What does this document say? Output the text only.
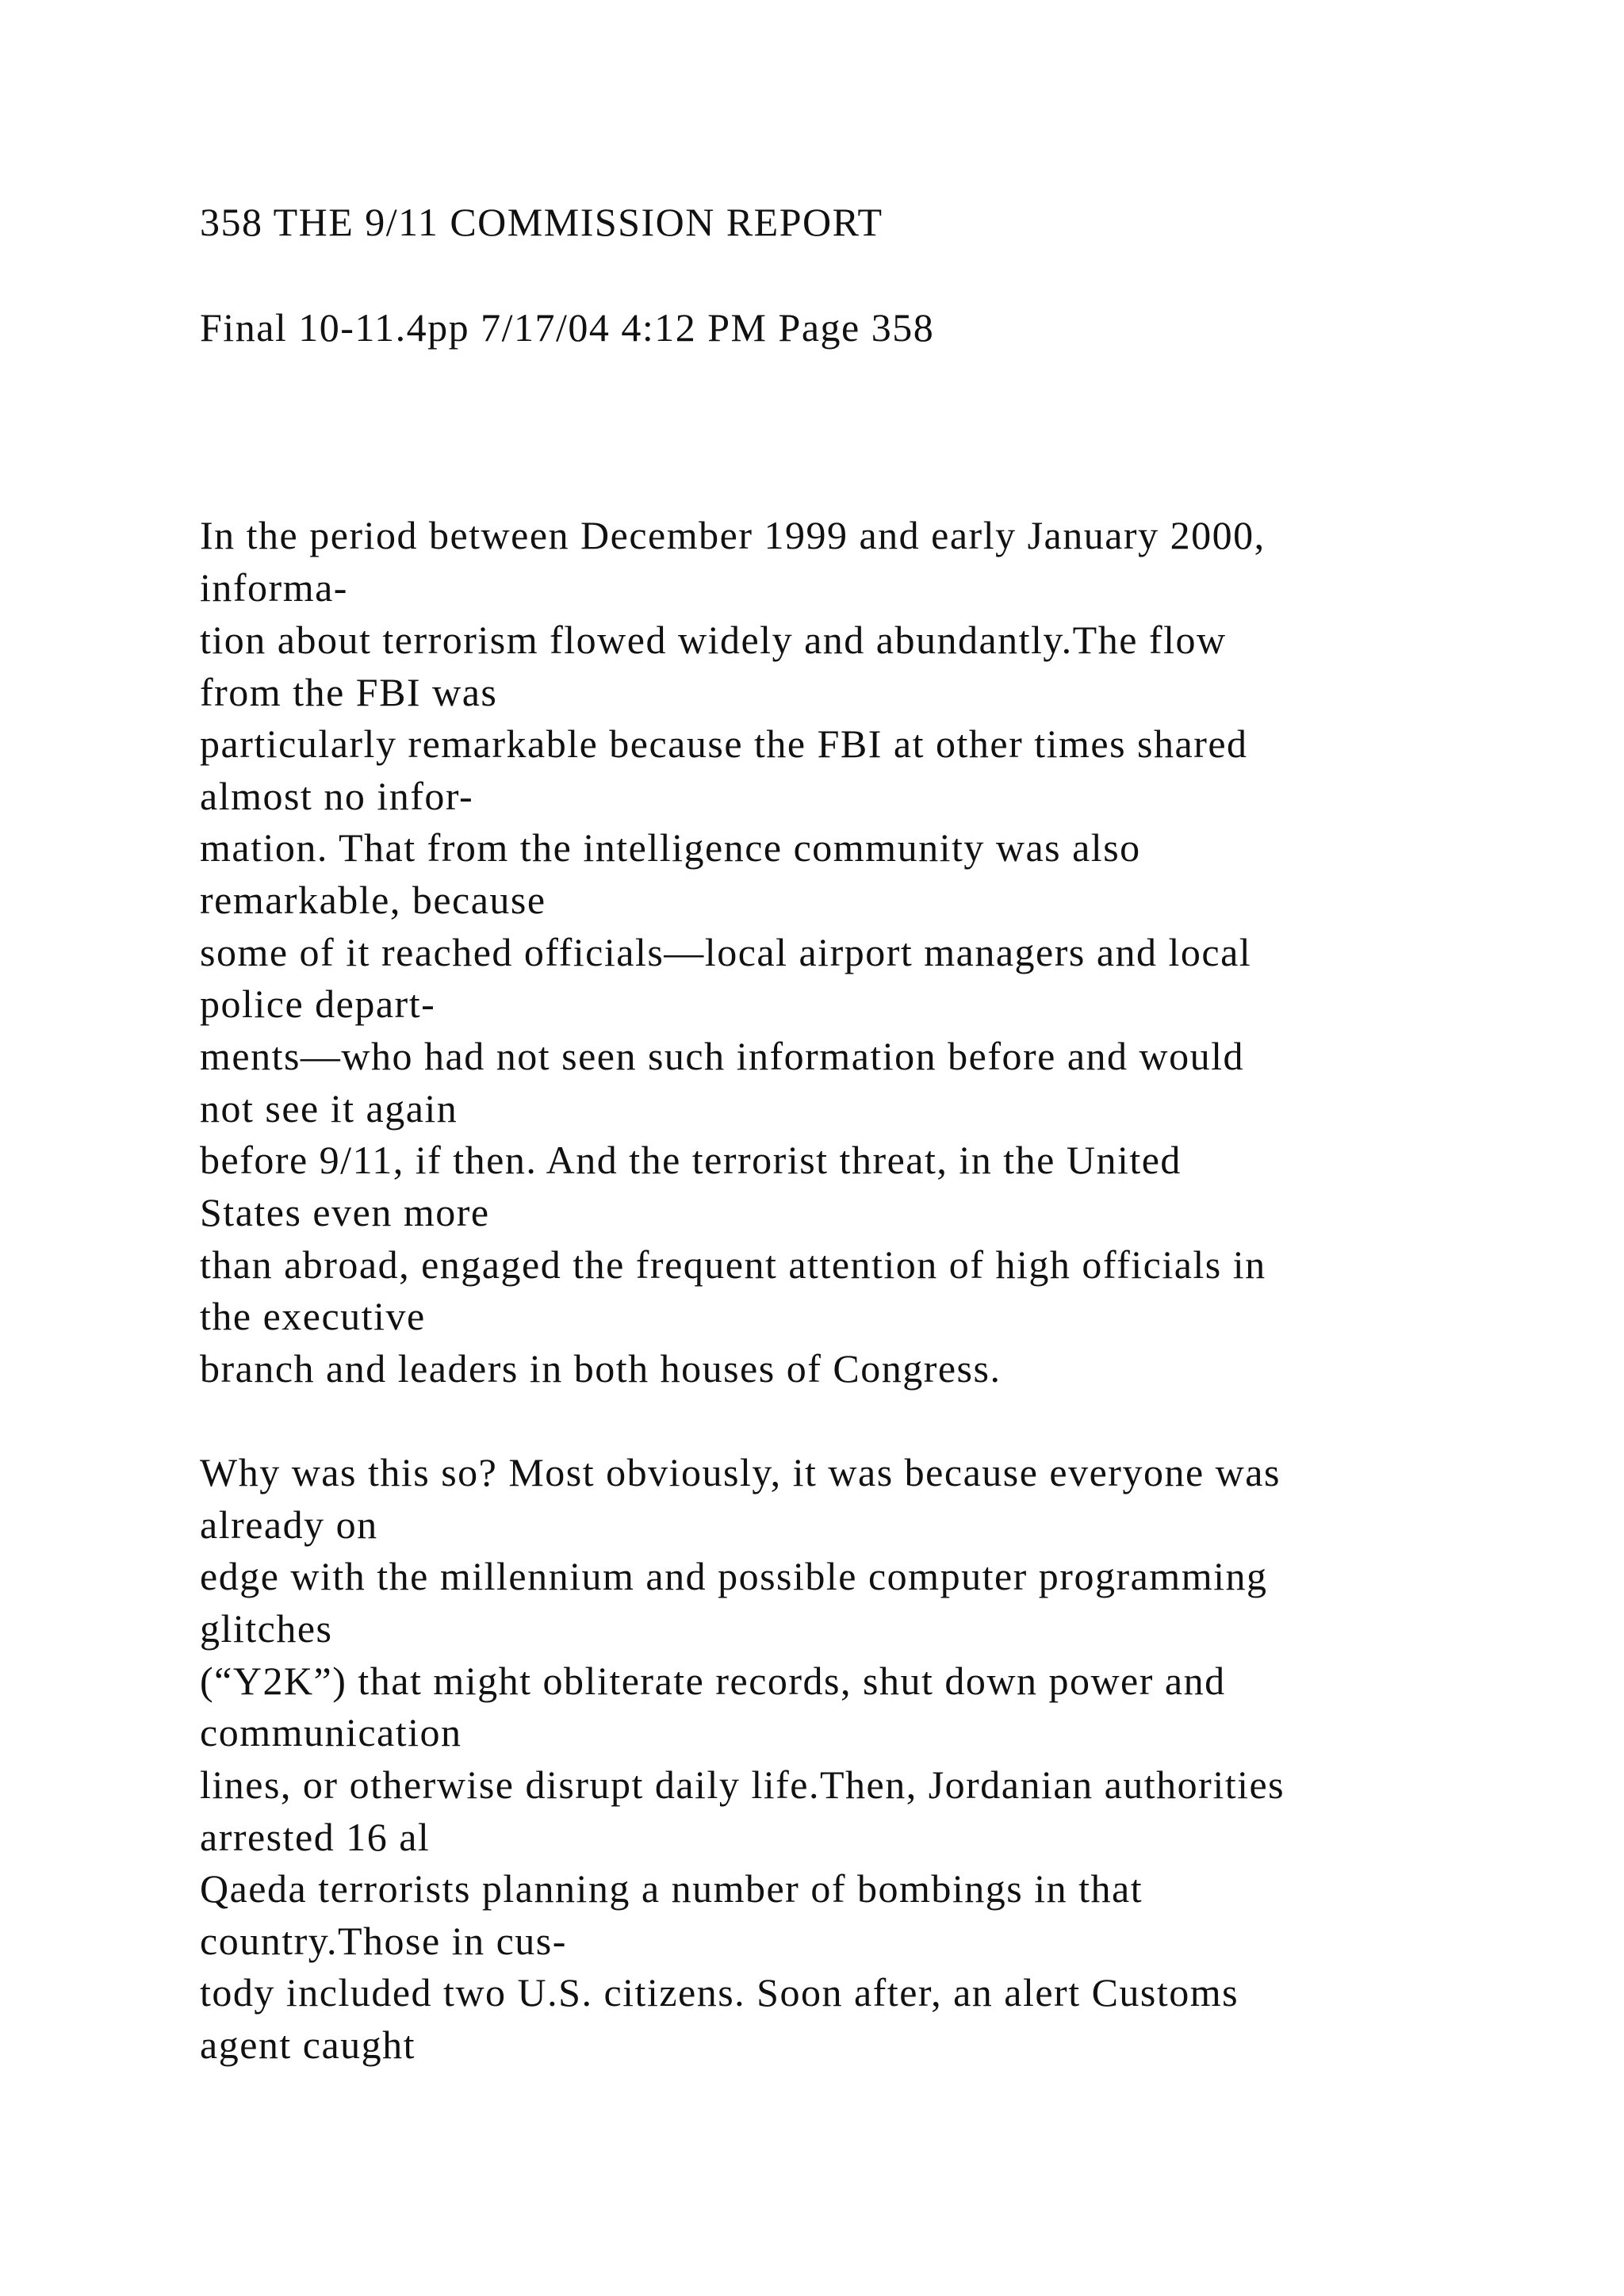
358 THE 9/11 COMMISSION REPORT
Final 10-11.4pp 7/17/04 4:12 PM Page 358
In the period between December 1999 and early January 2000,
informa-
tion about terrorism flowed widely and abundantly.The flow
from the FBI was
particularly remarkable because the FBI at other times shared
almost no infor-
mation. That from the intelligence community was also
remarkable, because
some of it reached officials—local airport managers and local
police depart-
ments—who had not seen such information before and would
not see it again
before 9/11, if then. And the terrorist threat, in the United
States even more
than abroad, engaged the frequent attention of high officials in
the executive
branch and leaders in both houses of Congress.
Why was this so? Most obviously, it was because everyone was
already on
edge with the millennium and possible computer programming
glitches
(“Y2K”) that might obliterate records, shut down power and
communication
lines, or otherwise disrupt daily life.Then, Jordanian authorities
arrested 16 al
Qaeda terrorists planning a number of bombings in that
country.Those in cus-
tody included two U.S. citizens. Soon after, an alert Customs
agent caught
